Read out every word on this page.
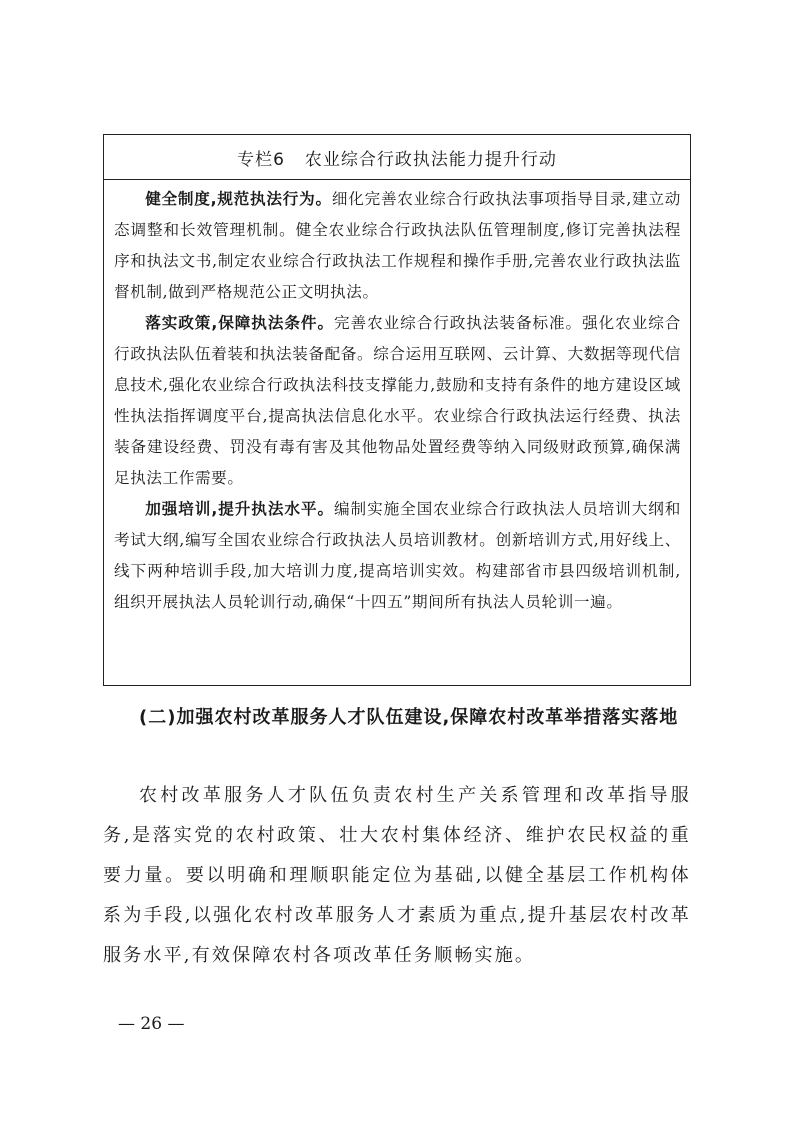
专栏6 农业综合行政执法能力提升行动

健全制度,规范执法行为。细化完善农业综合行政执法事项指导目录,建立动态调整和长效管理机制。健全农业综合行政执法队伍管理制度,修订完善执法程序和执法文书,制定农业综合行政执法工作规程和操作手册,完善农业行政执法监督机制,做到严格规范公正文明执法。

落实政策,保障执法条件。完善农业综合行政执法装备标准。强化农业综合行政执法队伍着装和执法装备配备。综合运用互联网、云计算、大数据等现代信息技术,强化农业综合行政执法科技支撑能力,鼓励和支持有条件的地方建设区域性执法指挥调度平台,提高执法信息化水平。农业综合行政执法运行经费、执法装备建设经费、罚没有毒有害及其他物品处置经费等纳入同级财政预算,确保满足执法工作需要。

加强培训,提升执法水平。编制实施全国农业综合行政执法人员培训大纲和考试大纲,编写全国农业综合行政执法人员培训教材。创新培训方式,用好线上、线下两种培训手段,加大培训力度,提高培训实效。构建部省市县四级培训机制,组织开展执法人员轮训行动,确保“十四五”期间所有执法人员轮训一遍。

(二)加强农村改革服务人才队伍建设,保障农村改革举措落实落地

农村改革服务人才队伍负责农村生产关系管理和改革指导服务,是落实党的农村政策、壮大农村集体经济、维护农民权益的重要力量。要以明确和理顺职能定位为基础,以健全基层工作机构体系为手段,以强化农村改革服务人才素质为重点,提升基层农村改革服务水平,有效保障农村各项改革任务顺畅实施。

— 26 —
